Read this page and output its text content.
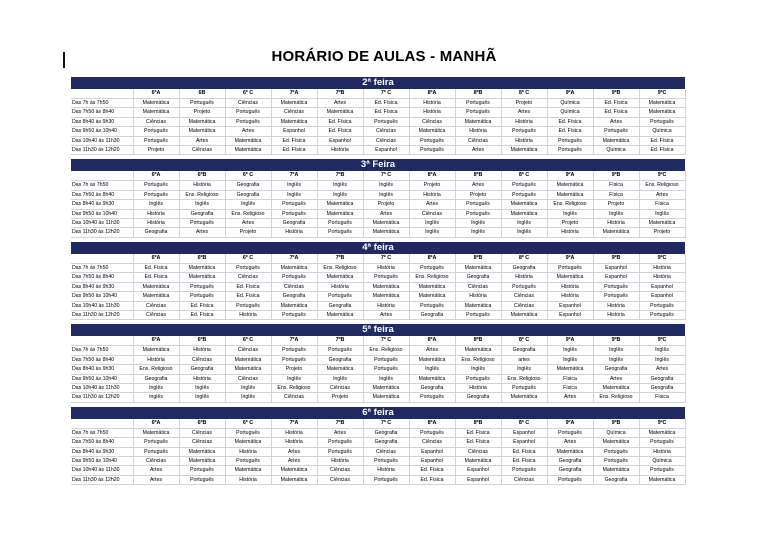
HORÁRIO DE AULAS - MANHÃ
2ª feira
	6ºA	6B	6º C	7ºA	7ºB	7º C	8ºA	8ºB	8º C	9ºA	9ºB	9ºC
Das 7h às 7h50	Matemática	Português	Ciências	Matemática	Artes	Ed. Física	História	Português	Projeto	Química	Ed. Física	Matemática
Das 7h50 às 8h40	Matemática	Projeto	Português	Ciências	Matemática	Ed. Física	História	Português	Artes	Química	Ed. Física	Matemática
Das 8h40 às 9h30	Ciências	Matemática	Português	Matemática	Ed. Física	Português	Ciências	Matemática	História	Ed. Física	Artes	Português
Das 9h50 às 10h40	Português	Matemática	Artes	Espanhol	Ed. Física	Ciências	Matemática	História	Português	Ed. Física	Português	Química
Das 10h40 às 11h30	Português	Artes	Matemática	Ed. Física	Espanhol	Ciências	Português	Ciências	História	Português	Matemática	Ed. Física
Das 11h30 às 12h20	Projeto	Ciências	Matemática	Ed. Física	História	Espanhol	Português	Artes	Matemática	Português	Química	Ed. Física
3ª Feira
	6ºA	6ºB	6º C	7ºA	7ºB	7º C	8ºA	8ºB	8º C	9ºA	9ºB	9ºC
Das 7h às 7h50	Português	História	Geografia	Inglês	Inglês	Inglês	Projeto	Artes	Português	Matemática	Física	Ens. Religioso
Das 7h50 às 8h40	Português	Ens. Religioso	Geografia	Inglês	Inglês	Inglês	História	Projeto	Português	Matemática	Física	Artes
Das 8h40 às 9h30	Inglês	Inglês	Inglês	Português	Matemática	Projeto	Artes	Português	Matemática	Ens. Religioso	Projeto	Física
Das 9h50 às 10h40	História	Geografia	Ens. Religioso	Português	Matemática	Artes	Ciências	Português	Matemática	Inglês	Inglês	Inglês
Das 10h40 às 11h30	História	Português	Artes	Geografia	Português	Matemática	Inglês	Inglês	Inglês	Projeto	História	Matemática
Das 11h30 às 12h20	Geografia	Artes	Projeto	História	Português	Matemática	Inglês	Inglês	Inglês	História	Matemática	Projeto
4ª feira
	6ºA	6ºB	6º C	7ºA	7ºB	7º C	8ºA	8ºB	8º C	9ºA	9ºB	9ºC
Das 7h às 7h50	Ed. Física	Matemática	Português	Matemática	Ens. Religioso	História	Português	Matemática	Geografia	Português	Espanhol	História
Das 7h50 às 8h40	Ed. Física	Matemática	Ciências	Português	Matemática	Português	Ens. Religioso	Geografia	História	Matemática	Espanhol	História
Das 8h40 às 9h30	Matemática	Português	Ed. Física	Ciências	História	Matemática	Matemática	Ciências	Português	História	Português	Espanhol
Das 9h50 às 10h40	Matemática	Português	Ed. Física	Geografia	Português	Matemática	Matemática	História	Ciências	História	Português	Espanhol
Das 10h40 às 11h30	Ciências	Ed. Física	Português	Matemática	Geografia	História	Português	Matemática	Ciências	Espanhol	História	Português
Das 11h30 às 12h20	Ciências	Ed. Física	História	Português	Matemática	Artes	Geografia	Português	Matemática	Espanhol	História	Português
5ª feira
	6ºA	6ºB	6º C	7ºA	7ºB	7º C	8ºA	8ºB	8º C	9ºA	9ºB	9ºC
Das 7h às 7h50	Matemática	História	Ciências	Português	Português	Ens. Religioso	Artes	Matemática	Geografia	Inglês	Inglês	Inglês
Das 7h50 às 8h40	História	Ciências	Matemática	Português	Geografia	Português	Matemática	Ens. Religioso	artes	Inglês	Inglês	Inglês
Das 8h40 às 9h30	Ens. Religioso	Geografia	Matemática	Projeto	Matemática	Português	Inglês	Inglês	Inglês	Matemática	Geografia	Artes
Das 9h50 às 10h40	Geografia	História	Ciências	Inglês	Inglês	Inglês	Matemática	Português	Ens. Religioso	Física	Artes	Geografia
Das 10h40 às 11h30	Inglês	Inglês	Inglês	Ens. Religioso	Ciências	Matemática	Geografia	História	Português	Física	Matemática	Geografia
Das 11h30 às 12h20	Inglês	Inglês	Inglês	Ciências	Projeto	Matemática	Português	Geografia	Matemática	Artes	Ens. Religioso	Física
6ª feira
	6ºA	6ºB	6º C	7ºA	7ºB	7º C	8ºA	8ºB	8º C	9ºA	9ºB	9ºC
Das 7h às 7h50	Matemática	Ciências	Português	História	Artes	Geografia	Português	Ed. Física	Espanhol	Português	Química	Matemática
Das 7h50 às 8h40	Português	Ciências	Matemática	História	Português	Geografia	Ciências	Ed. Física	Espanhol	Artes	Matemática	Português
Das 8h40 às 9h30	Português	Matemática	História	Artes	Português	Ciências	Espanhol	Ciências	Ed. Física	Matemática	Português	História
Das 9h50 às 10h40	Ciências	Matemática	Português	Artes	História	Português	Espanhol	Matemática	Ed. Física	Geografia	Português	Química
Das 10h40 às 11h30	Artes	Português	Matemática	Matemática	Ciências	História	Ed. Física	Espanhol	Português	Geografia	Matemática	Português
Das 11h30 às 12h20	Artes	Português	História	Matemática	Ciências	Português	Ed. Física	Espanhol	Ciências	Português	Geografia	Matemática
